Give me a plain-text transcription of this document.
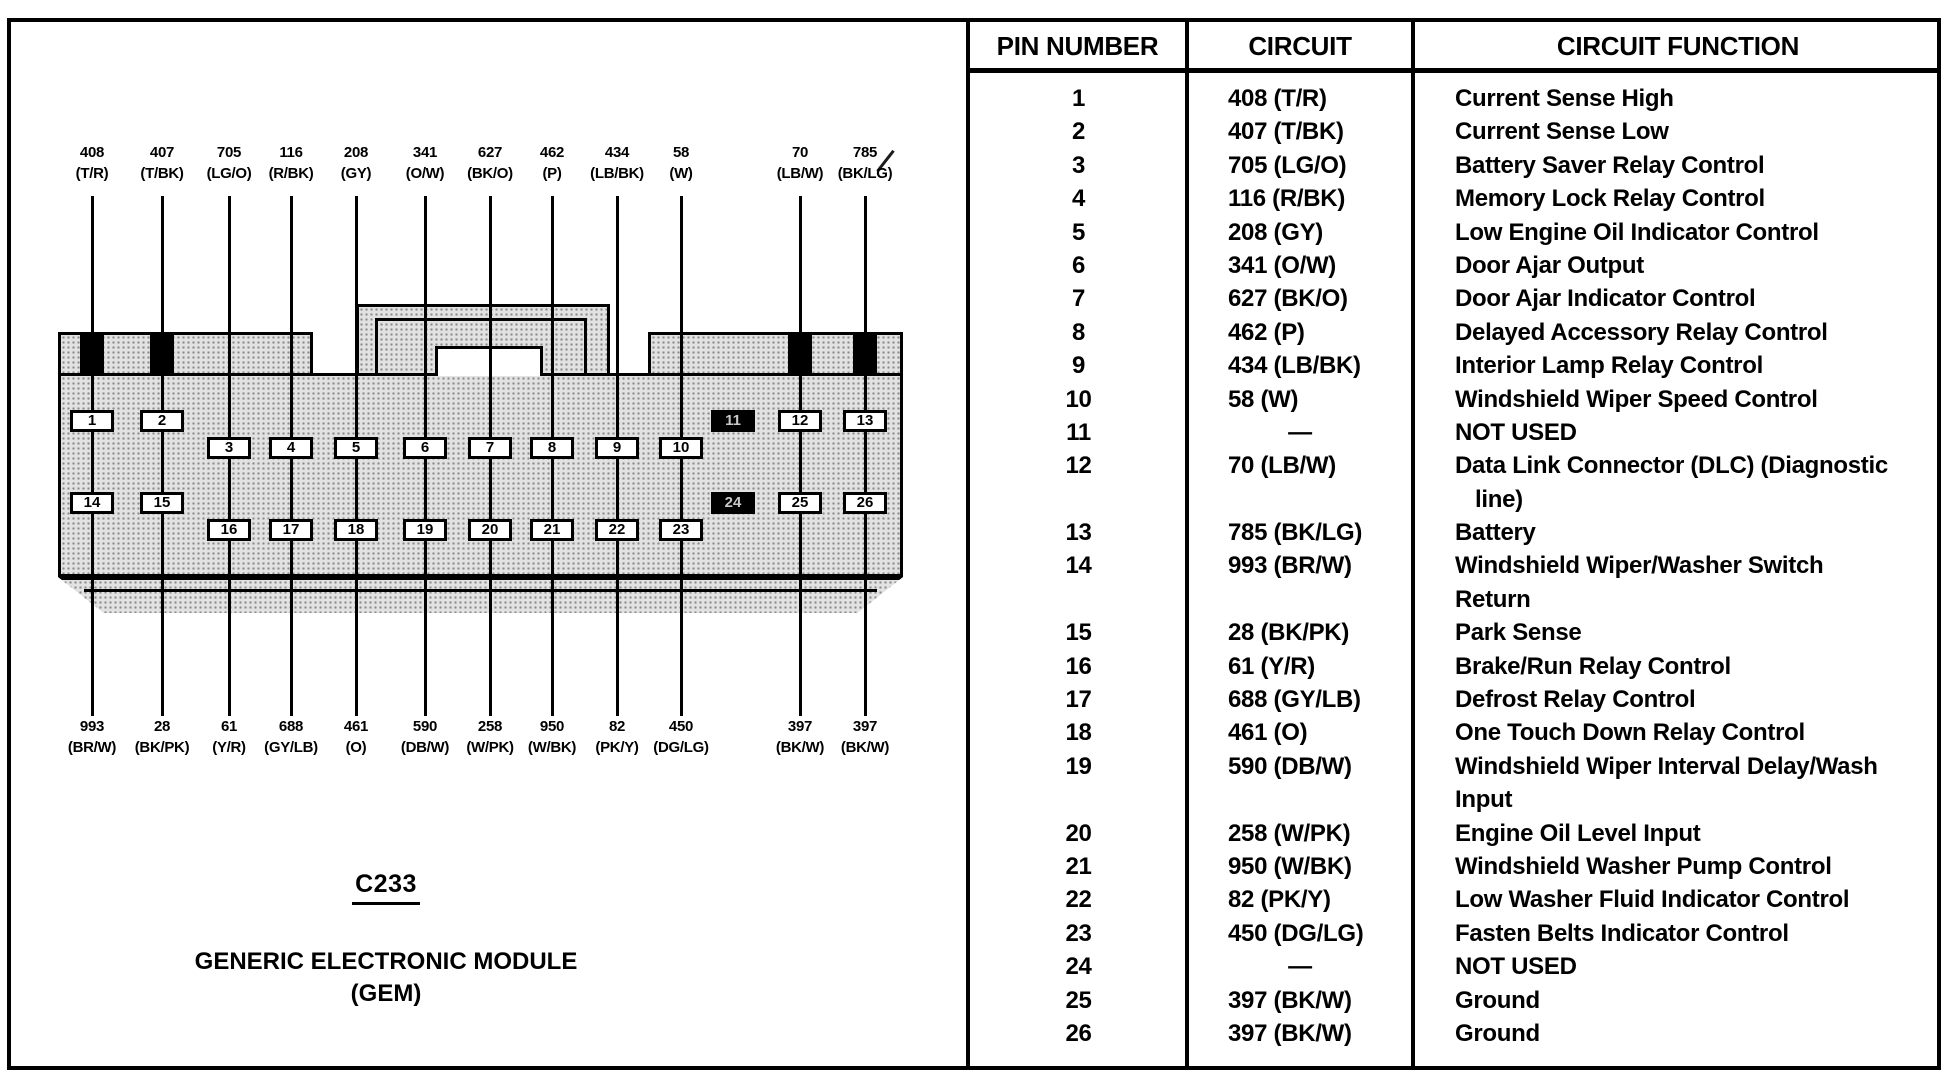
408
(T/R)
407
(T/BK)
705
(LG/O)
116
(R/BK)
208
(GY)
341
(O/W)
627
(BK/O)
462
(P)
434
(LB/BK)
58
(W)
70
(LB/W)
785
(BK/LG)
993
(BR/W)
28
(BK/PK)
61
(Y/R)
688
(GY/LB)
461
(O)
590
(DB/W)
258
(W/PK)
950
(W/BK)
82
(PK/Y)
450
(DG/LG)
397
(BK/W)
397
(BK/W)
1	2
3	4	5	6	7	8	9	10
11	12	13
14	15
16	17	18	19	20	21	22	23
24	25	26
C233
GENERIC ELECTRONIC MODULE
(GEM)
PIN NUMBER	CIRCUIT	CIRCUIT FUNCTION
1	408 (T/R)	Current Sense High
2	407 (T/BK)	Current Sense Low
3	705 (LG/O)	Battery Saver Relay Control
4	116 (R/BK)	Memory Lock Relay Control
5	208 (GY)	Low Engine Oil Indicator Control
6	341 (O/W)	Door Ajar Output
7	627 (BK/O)	Door Ajar Indicator Control
8	462 (P)	Delayed Accessory Relay Control
9	434 (LB/BK)	Interior Lamp Relay Control
10	58 (W)	Windshield Wiper Speed Control
11	—	NOT USED
12	70 (LB/W)	Data Link Connector (DLC) (Diagnostic
line)
13	785 (BK/LG)	Battery
14	993 (BR/W)	Windshield Wiper/Washer Switch
Return
15	28 (BK/PK)	Park Sense
16	61 (Y/R)	Brake/Run Relay Control
17	688 (GY/LB)	Defrost Relay Control
18	461 (O)	One Touch Down Relay Control
19	590 (DB/W)	Windshield Wiper Interval Delay/Wash
Input
20	258 (W/PK)	Engine Oil Level Input
21	950 (W/BK)	Windshield Washer Pump Control
22	82 (PK/Y)	Low Washer Fluid Indicator Control
23	450 (DG/LG)	Fasten Belts Indicator Control
24	—	NOT USED
25	397 (BK/W)	Ground
26	397 (BK/W)	Ground
